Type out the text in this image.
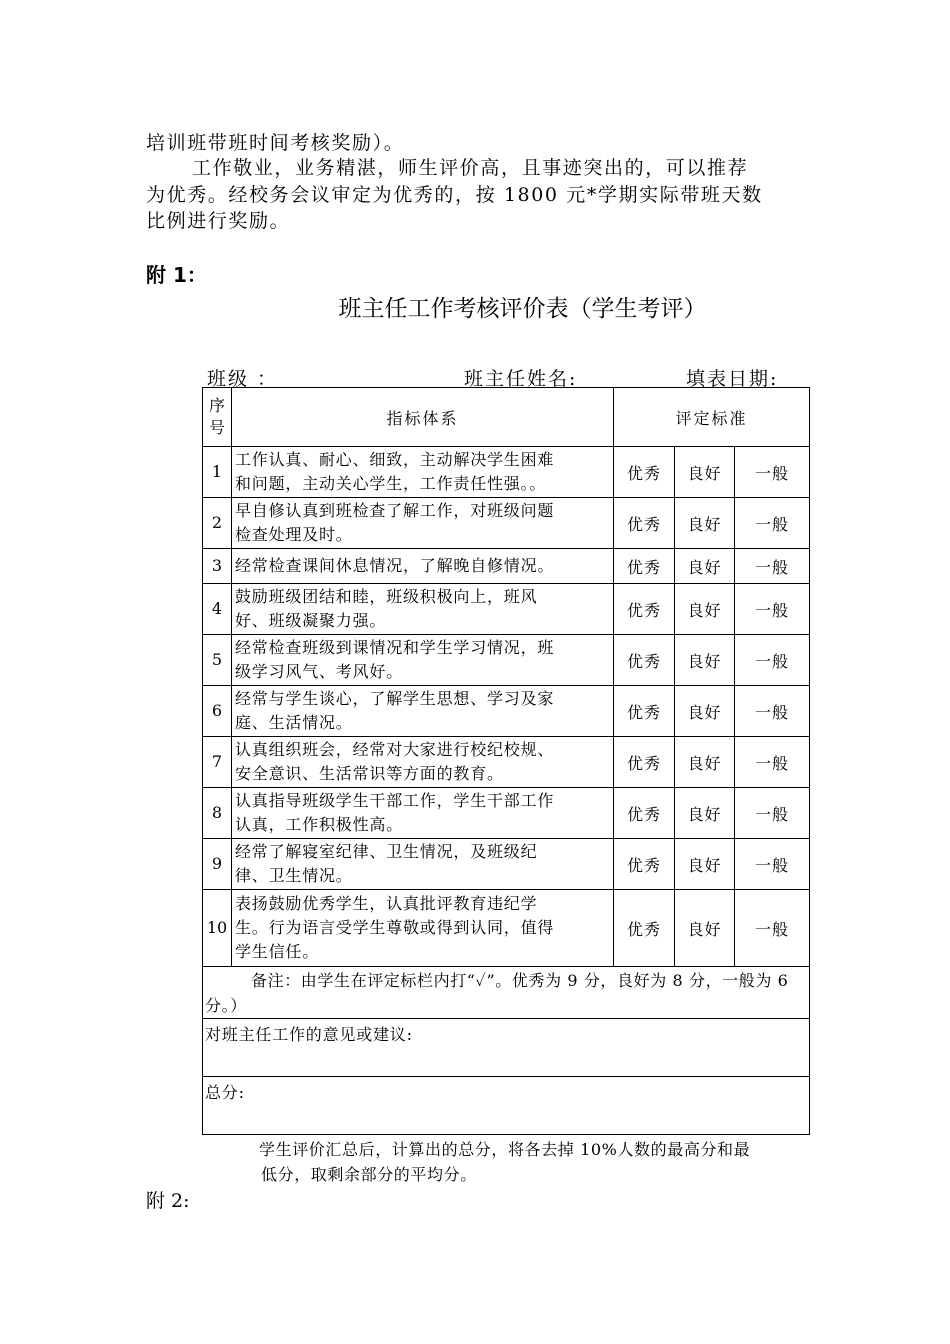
培训班带班时间考核奖励）。
工作敬业，业务精湛，师生评价高，且事迹突出的，可以推荐
为优秀。经校务会议审定为优秀的，按 1800 元*学期实际带班天数
比例进行奖励。
附 1：
班主任工作考核评价表（学生考评）
班级 ：	班主任姓名:	填表日期:
序
号	指标体系	评定标准		
1	工作认真、耐心、细致，主动解决学生困难
和问题，主动关心学生，工作责任性强。。	优秀	良好	一般
2	早自修认真到班检查了解工作，对班级问题
检查处理及时。	优秀	良好	一般
3	经常检查课间休息情况，了解晚自修情况。	优秀	良好	一般
4	鼓励班级团结和睦，班级积极向上，班风
好、班级凝聚力强。	优秀	良好	一般
5	经常检查班级到课情况和学生学习情况，班
级学习风气、考风好。	优秀	良好	一般
6	经常与学生谈心，了解学生思想、学习及家
庭、生活情况。	优秀	良好	一般
7	认真组织班会，经常对大家进行校纪校规、
安全意识、生活常识等方面的教育。	优秀	良好	一般
8	认真指导班级学生干部工作，学生干部工作
认真，工作积极性高。	优秀	良好	一般
9	经常了解寝室纪律、卫生情况，及班级纪
律、卫生情况。	优秀	良好	一般
10	表扬鼓励优秀学生，认真批评教育违纪学
生。行为语言受学生尊敬或得到认同，值得
学生信任。	优秀	良好	一般
备注：由学生在评定标栏内打“✓”。优秀为 9 分，良好为 8 分，一般为 6 分。）				
对班主任工作的意见或建议:				
总分:				
学生评价汇总后，计算出的总分，将各去掉 10%人数的最高分和最
低分，取剩余部分的平均分。
附 2:
